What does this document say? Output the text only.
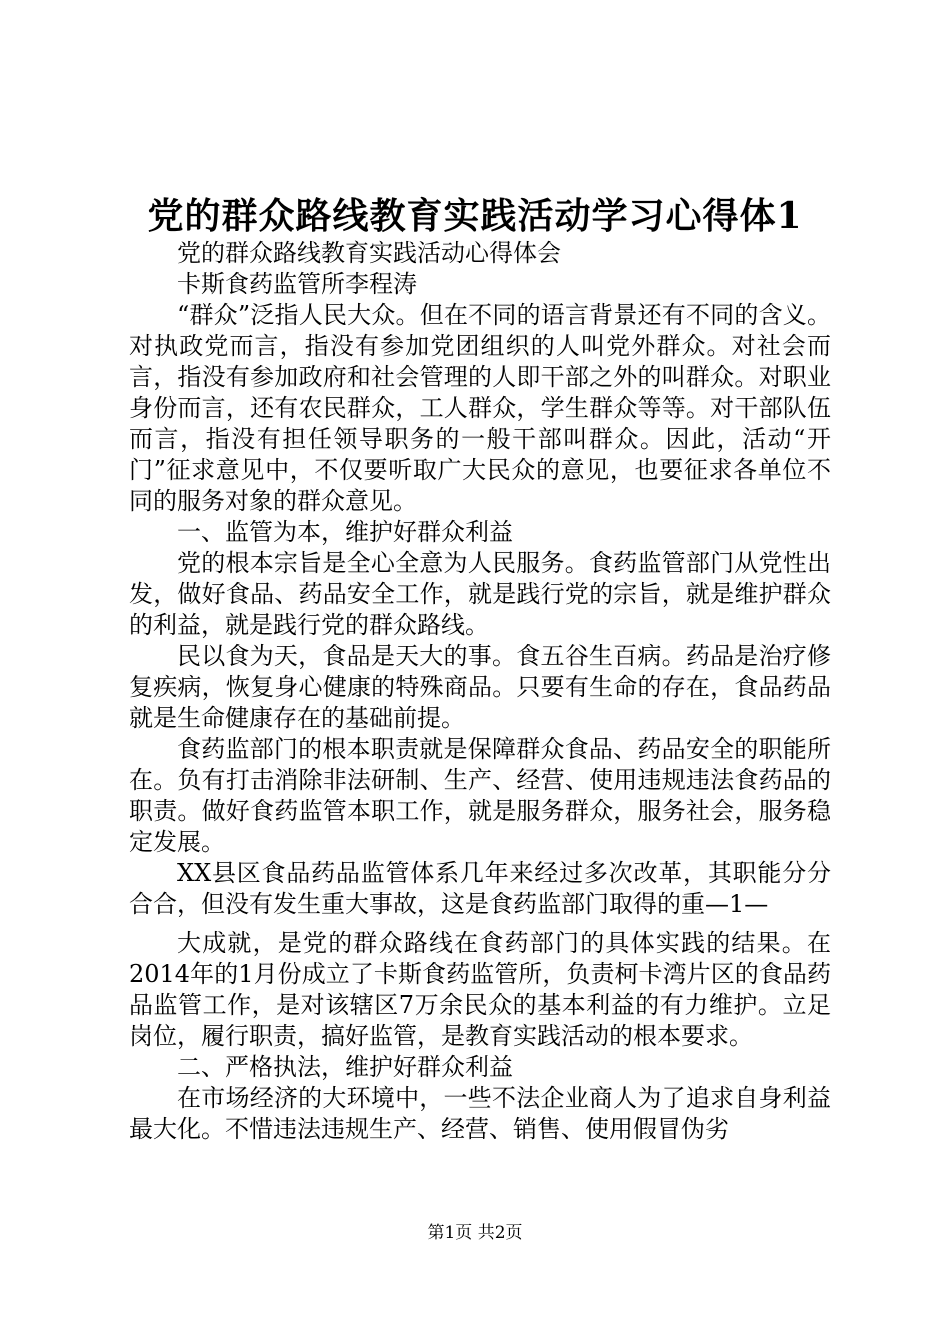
党的群众路线教育实践活动学习心得体1

党的群众路线教育实践活动心得体会

卡斯食药监管所李程涛

“群众”泛指人民大众。但在不同的语言背景还有不同的含义。对执政党而言，指没有参加党团组织的人叫党外群众。对社会而言，指没有参加政府和社会管理的人即干部之外的叫群众。对职业身份而言，还有农民群众，工人群众，学生群众等等。对干部队伍而言，指没有担任领导职务的一般干部叫群众。因此，活动“开门”征求意见中，不仅要听取广大民众的意见，也要征求各单位不同的服务对象的群众意见。

一、监管为本，维护好群众利益

党的根本宗旨是全心全意为人民服务。食药监管部门从党性出发，做好食品、药品安全工作，就是践行党的宗旨，就是维护群众的利益，就是践行党的群众路线。

民以食为天，食品是天大的事。食五谷生百病。药品是治疗修复疾病，恢复身心健康的特殊商品。只要有生命的存在，食品药品就是生命健康存在的基础前提。

食药监部门的根本职责就是保障群众食品、药品安全的职能所在。负有打击消除非法研制、生产、经营、使用违规违法食药品的职责。做好食药监管本职工作，就是服务群众，服务社会，服务稳定发展。

XX县区食品药品监管体系几年来经过多次改革，其职能分分合合，但没有发生重大事故，这是食药监部门取得的重—1—

大成就，是党的群众路线在食药部门的具体实践的结果。在2014年的1月份成立了卡斯食药监管所，负责柯卡湾片区的食品药品监管工作，是对该辖区7万余民众的基本利益的有力维护。立足岗位，履行职责，搞好监管，是教育实践活动的根本要求。

二、严格执法，维护好群众利益

在市场经济的大环境中，一些不法企业商人为了追求自身利益最大化。不惜违法违规生产、经营、销售、使用假冒伪劣

第1页 共2页
